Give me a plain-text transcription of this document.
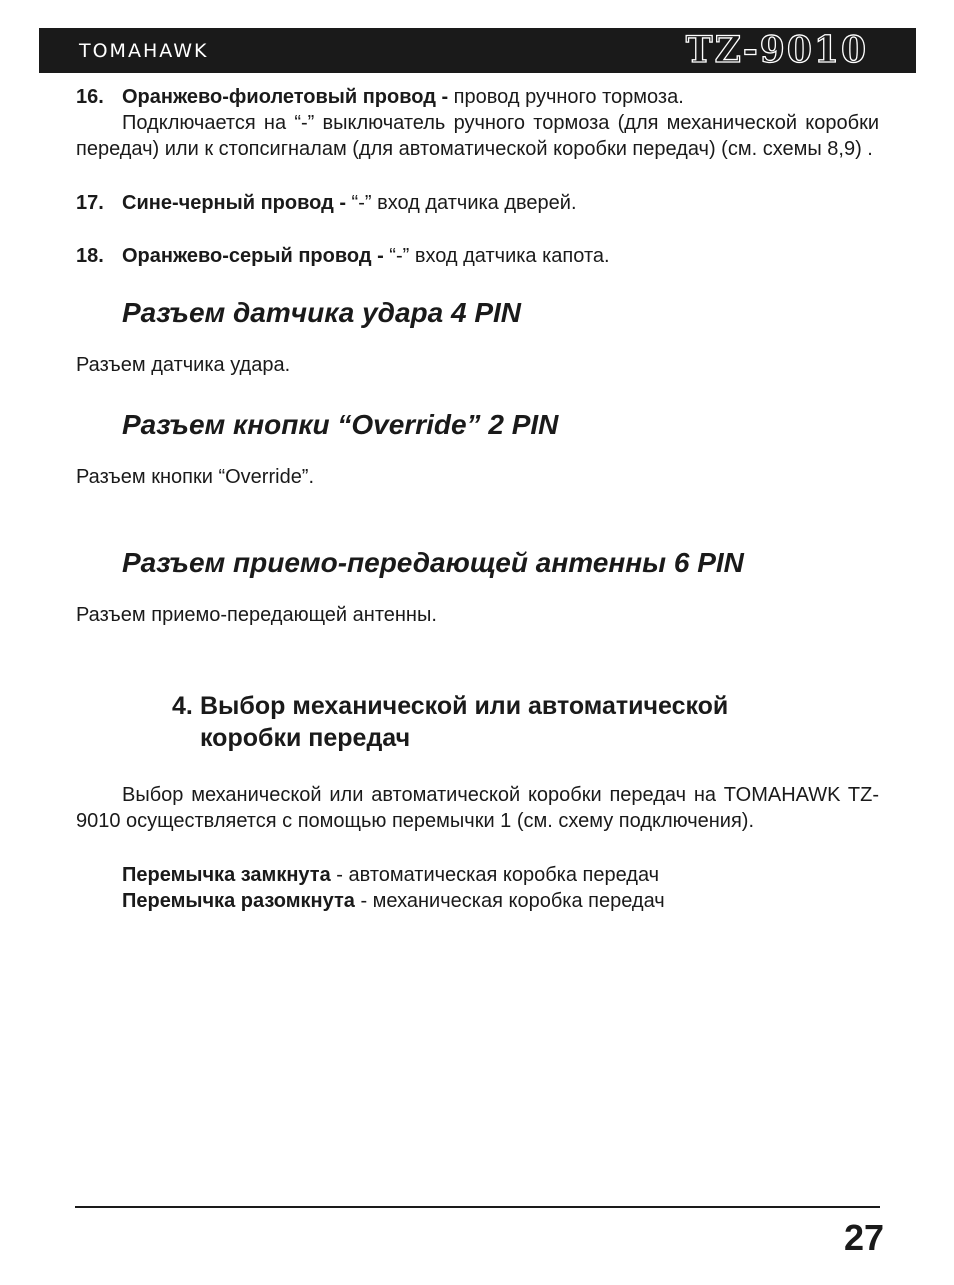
TOMAHAWK	TZ-9010
16. Оранжево-фиолетовый провод - провод ручного тормоза.

Подключается на “-” выключатель ручного тормоза (для механической коробки передач) или к стопсигналам (для автоматической коробки передач) (см. схемы 8,9) .

17. Сине-черный провод - “-” вход датчика дверей.
18. Оранжево-серый провод - “-” вход датчика капота.
Разъем датчика удара 4 PIN

Разъем датчика удара.

Разъем кнопки “Override” 2 PIN

Разъем кнопки “Override”.

Разъем приемо-передающей антенны 6 PIN

Разъем приемо-передающей антенны.

4. Выбор механической или автоматической
коробки передач

Выбор механической или автоматической коробки передач на TOMAHAWK TZ-9010 осуществляется с помощью перемычки 1 (см. схему подключения).

Перемычка замкнута - автоматическая коробка передач
Перемычка разомкнута - механическая коробка передач
27
